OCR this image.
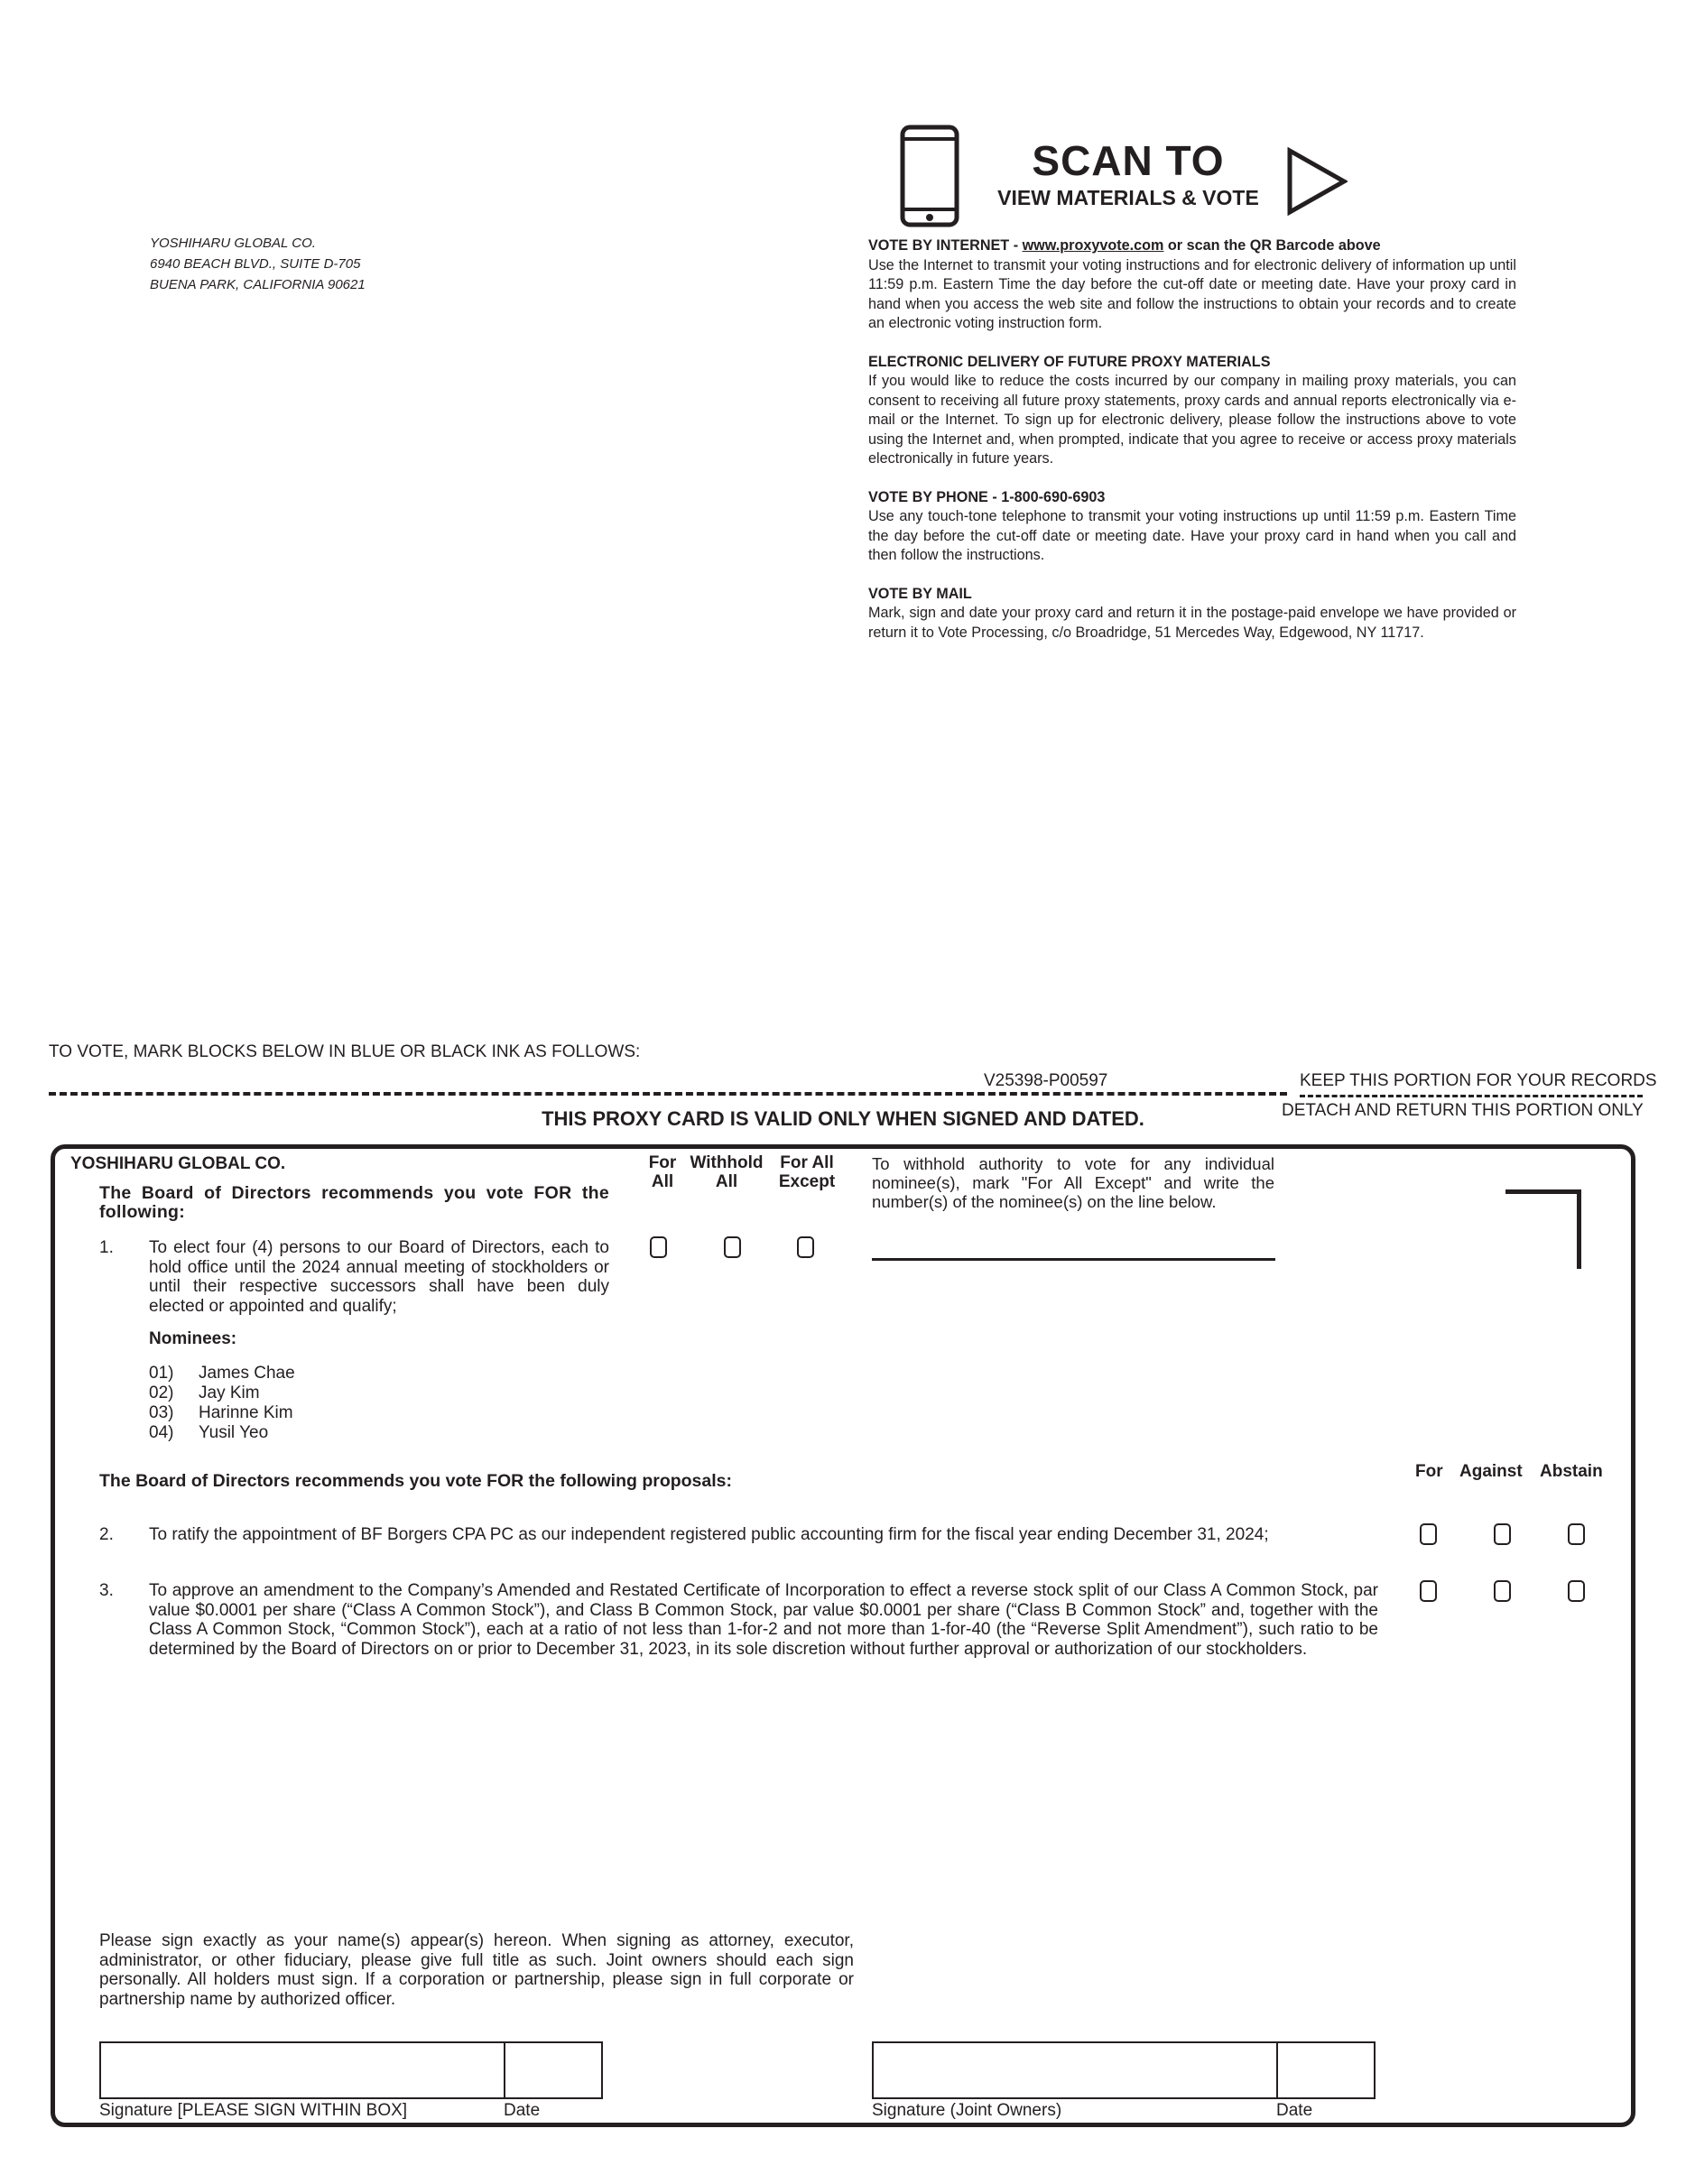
YOSHIHARU GLOBAL CO.
6940 BEACH BLVD., SUITE D-705
BUENA PARK, CALIFORNIA 90621
SCAN TO
VIEW MATERIALS & VOTE
VOTE BY INTERNET - www.proxyvote.com or scan the QR Barcode above
Use the Internet to transmit your voting instructions and for electronic delivery of information up until 11:59 p.m. Eastern Time the day before the cut-off date or meeting date. Have your proxy card in hand when you access the web site and follow the instructions to obtain your records and to create an electronic voting instruction form.
ELECTRONIC DELIVERY OF FUTURE PROXY MATERIALS
If you would like to reduce the costs incurred by our company in mailing proxy materials, you can consent to receiving all future proxy statements, proxy cards and annual reports electronically via e-mail or the Internet. To sign up for electronic delivery, please follow the instructions above to vote using the Internet and, when prompted, indicate that you agree to receive or access proxy materials electronically in future years.
VOTE BY PHONE - 1-800-690-6903
Use any touch-tone telephone to transmit your voting instructions up until 11:59 p.m. Eastern Time the day before the cut-off date or meeting date. Have your proxy card in hand when you call and then follow the instructions.
VOTE BY MAIL
Mark, sign and date your proxy card and return it in the postage-paid envelope we have provided or return it to Vote Processing, c/o Broadridge, 51 Mercedes Way, Edgewood, NY 11717.
TO VOTE, MARK BLOCKS BELOW IN BLUE OR BLACK INK AS FOLLOWS:
V25398-P00597	KEEP THIS PORTION FOR YOUR RECORDS
DETACH AND RETURN THIS PORTION ONLY
THIS PROXY CARD IS VALID ONLY WHEN SIGNED AND DATED.
YOSHIHARU GLOBAL CO.
The Board of Directors recommends you vote FOR the following:
For
All
Withhold
All
For All
Except
To withhold authority to vote for any individual nominee(s), mark "For All Except" and write the number(s) of the nominee(s) on the line below.
1. To elect four (4) persons to our Board of Directors, each to hold office until the 2024 annual meeting of stockholders or until their respective successors shall have been duly elected or appointed and qualify;
Nominees:
01) James Chae
02) Jay Kim
03) Harinne Kim
04) Yusil Yeo
The Board of Directors recommends you vote FOR the following proposals:	For Against Abstain
2. To ratify the appointment of BF Borgers CPA PC as our independent registered public accounting firm for the fiscal year ending December 31, 2024;
3. To approve an amendment to the Company’s Amended and Restated Certificate of Incorporation to effect a reverse stock split of our Class A Common Stock, par value $0.0001 per share (“Class A Common Stock”), and Class B Common Stock, par value $0.0001 per share (“Class B Common Stock” and, together with the Class A Common Stock, “Common Stock”), each at a ratio of not less than 1-for-2 and not more than 1-for-40 (the “Reverse Split Amendment”), such ratio to be determined by the Board of Directors on or prior to December 31, 2023, in its sole discretion without further approval or authorization of our stockholders.
Please sign exactly as your name(s) appear(s) hereon. When signing as attorney, executor, administrator, or other fiduciary, please give full title as such. Joint owners should each sign personally. All holders must sign. If a corporation or partnership, please sign in full corporate or partnership name by authorized officer.
Signature [PLEASE SIGN WITHIN BOX]	Date	Signature (Joint Owners)	Date
